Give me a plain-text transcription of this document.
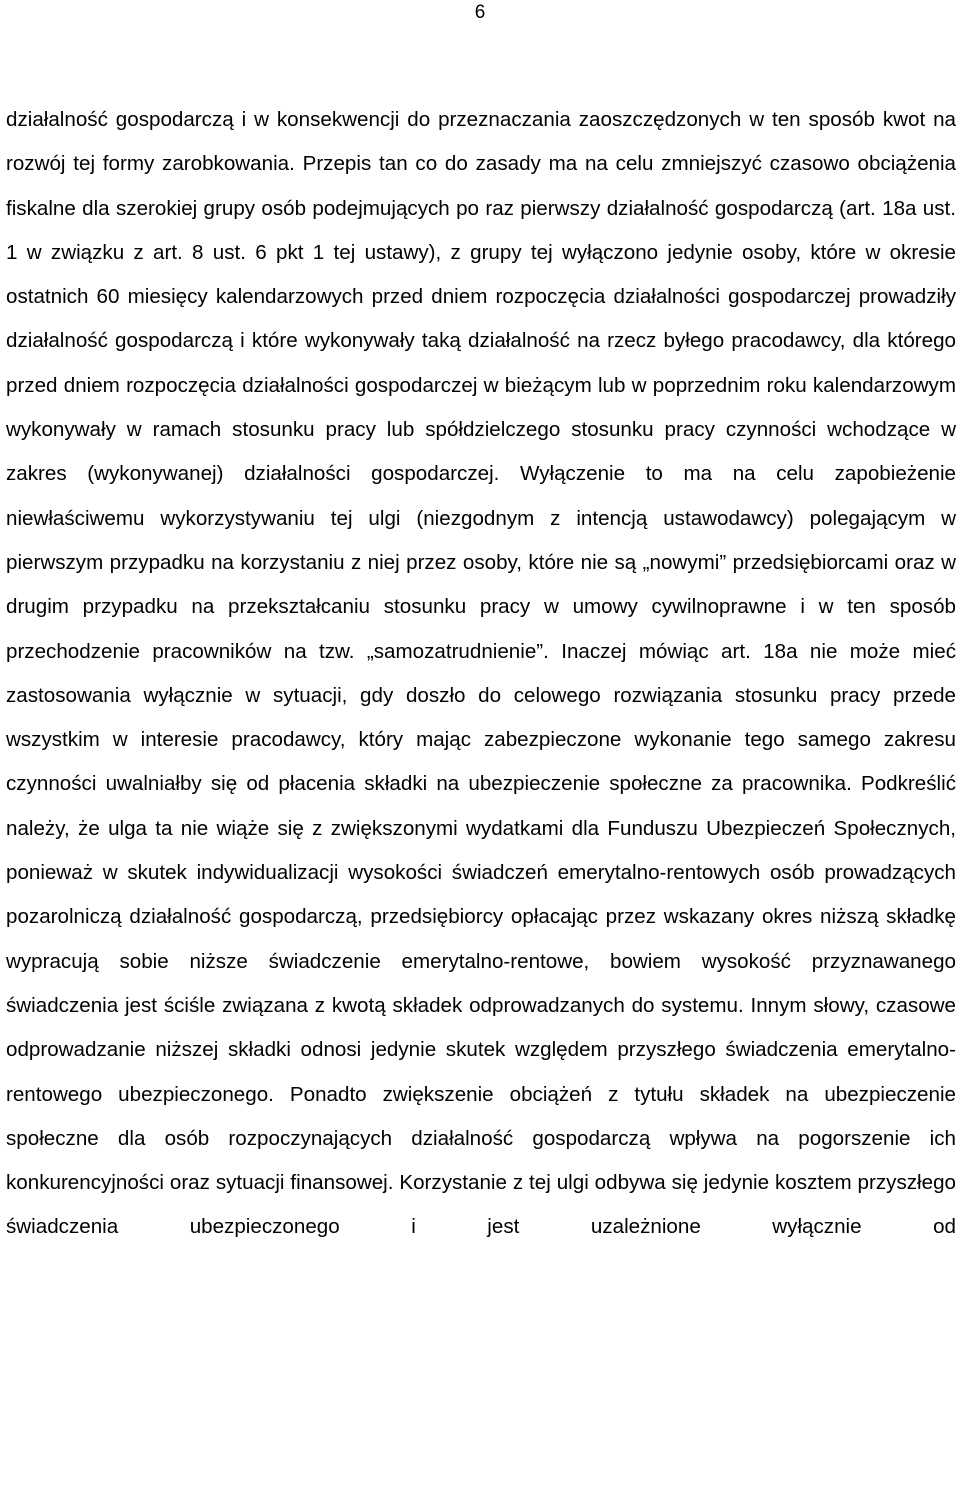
6

działalność gospodarczą i w konsekwencji do przeznaczania zaoszczędzonych w ten sposób kwot na rozwój tej formy zarobkowania. Przepis tan co do zasady ma na celu zmniejszyć czasowo obciążenia fiskalne dla szerokiej grupy osób podejmujących po raz pierwszy działalność gospodarczą (art. 18a ust. 1 w związku z art. 8 ust. 6 pkt 1 tej ustawy), z grupy tej wyłączono jedynie osoby, które w okresie ostatnich 60 miesięcy kalendarzowych przed dniem rozpoczęcia działalności gospodarczej prowadziły działalność gospodarczą i które wykonywały taką działalność na rzecz byłego pracodawcy, dla którego przed dniem rozpoczęcia działalności gospodarczej w bieżącym lub w poprzednim roku kalendarzowym wykonywały w ramach stosunku pracy lub spółdzielczego stosunku pracy czynności wchodzące w zakres (wykonywanej) działalności gospodarczej. Wyłączenie to ma na celu zapobieżenie niewłaściwemu wykorzystywaniu tej ulgi (niezgodnym z intencją ustawodawcy) polegającym w pierwszym przypadku na korzystaniu z niej przez osoby, które nie są „nowymi” przedsiębiorcami oraz w drugim przypadku na przekształcaniu stosunku pracy w umowy cywilnoprawne i w ten sposób przechodzenie pracowników na tzw. „samozatrudnienie”. Inaczej mówiąc art. 18a nie może mieć zastosowania wyłącznie w sytuacji, gdy doszło do celowego rozwiązania stosunku pracy przede wszystkim w interesie pracodawcy, który mając zabezpieczone wykonanie tego samego zakresu czynności uwalniałby się od płacenia składki na ubezpieczenie społeczne za pracownika. Podkreślić należy, że ulga ta nie wiąże się z zwiększonymi wydatkami dla Funduszu Ubezpieczeń Społecznych, ponieważ w skutek indywidualizacji wysokości świadczeń emerytalno-rentowych osób prowadzących pozarolniczą działalność gospodarczą, przedsiębiorcy opłacając przez wskazany okres niższą składkę wypracują sobie niższe świadczenie emerytalno-rentowe, bowiem wysokość przyznawanego świadczenia jest ściśle związana z kwotą składek odprowadzanych do systemu. Innym słowy, czasowe odprowadzanie niższej składki odnosi jedynie skutek względem przyszłego świadczenia emerytalno-rentowego ubezpieczonego. Ponadto zwiększenie obciążeń z tytułu składek na ubezpieczenie społeczne dla osób rozpoczynających działalność gospodarczą wpływa na pogorszenie ich konkurencyjności oraz sytuacji finansowej. Korzystanie z tej ulgi odbywa się jedynie kosztem przyszłego świadczenia ubezpieczonego i jest uzależnione wyłącznie od
